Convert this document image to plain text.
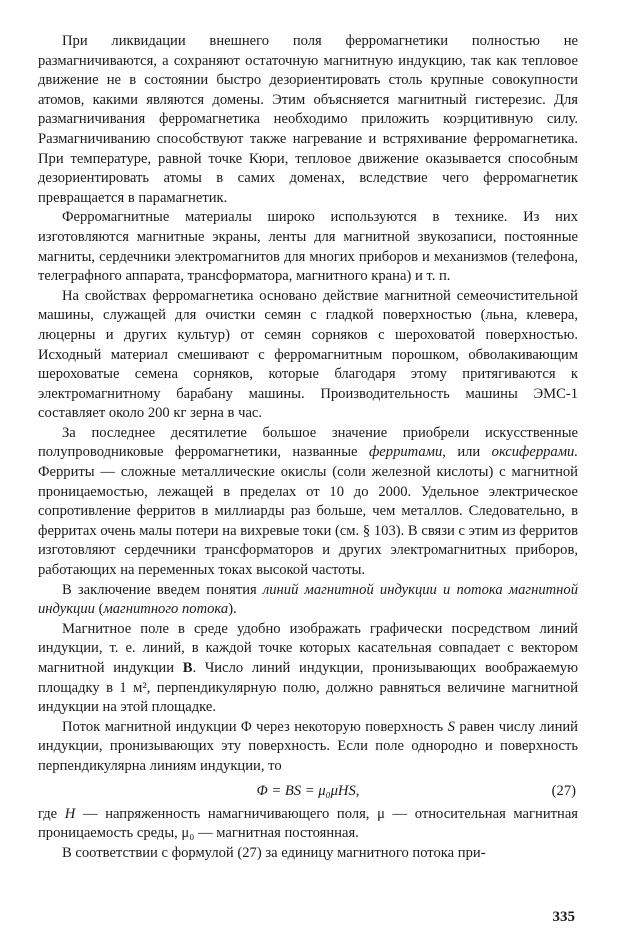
При ликвидации внешнего поля ферромагнетики полностью не размагничиваются, а сохраняют остаточную магнитную индукцию, так как тепловое движение не в состоянии быстро дезориентировать столь крупные совокупности атомов, какими являются домены. Этим объясняется магнитный гистерезис. Для размагничивания ферромагнетика необходимо приложить коэрцитивную силу. Размагничиванию способствуют также нагревание и встряхивание ферромагнетика. При температуре, равной точке Кюри, тепловое движение оказывается способным дезориентировать атомы в самих доменах, вследствие чего ферромагнетик превращается в парамагнетик.

Ферромагнитные материалы широко используются в технике. Из них изготовляются магнитные экраны, ленты для магнитной звукозаписи, постоянные магниты, сердечники электромагнитов для многих приборов и механизмов (телефона, телеграфного аппарата, трансформатора, магнитного крана) и т. п.

На свойствах ферромагнетика основано действие магнитной семеочистительной машины, служащей для очистки семян с гладкой поверхностью (льна, клевера, люцерны и других культур) от семян сорняков с шероховатой поверхностью. Исходный материал смешивают с ферромагнитным порошком, обволакивающим шероховатые семена сорняков, которые благодаря этому притягиваются к электромагнитному барабану машины. Производительность машины ЭМС-1 составляет около 200 кг зерна в час.

За последнее десятилетие большое значение приобрели искусственные полупроводниковые ферромагнетики, названные ферритами, или оксиферрами. Ферриты — сложные металлические окислы (соли железной кислоты) с магнитной проницаемостью, лежащей в пределах от 10 до 2000. Удельное электрическое сопротивление ферритов в миллиарды раз больше, чем металлов. Следовательно, в ферритах очень малы потери на вихревые токи (см. § 103). В связи с этим из ферритов изготовляют сердечники трансформаторов и других электромагнитных приборов, работающих на переменных токах высокой частоты.

В заключение введем понятия линий магнитной индукции и потока магнитной индукции (магнитного потока).

Магнитное поле в среде удобно изображать графически посредством линий индукции, т. е. линий, в каждой точке которых касательная совпадает с вектором магнитной индукции B. Число линий индукции, пронизывающих воображаемую площадку в 1 м², перпендикулярную полю, должно равняться величине магнитной индукции на этой площадке.

Поток магнитной индукции Φ через некоторую поверхность S равен числу линий индукции, пронизывающих эту поверхность. Если поле однородно и поверхность перпендикулярна линиям индукции, то

Φ = BS = μ₀μHS,	(27)

где H — напряженность намагничивающего поля, μ — относительная магнитная проницаемость среды, μ₀ — магнитная постоянная.

В соответствии с формулой (27) за единицу магнитного потока при-

335
